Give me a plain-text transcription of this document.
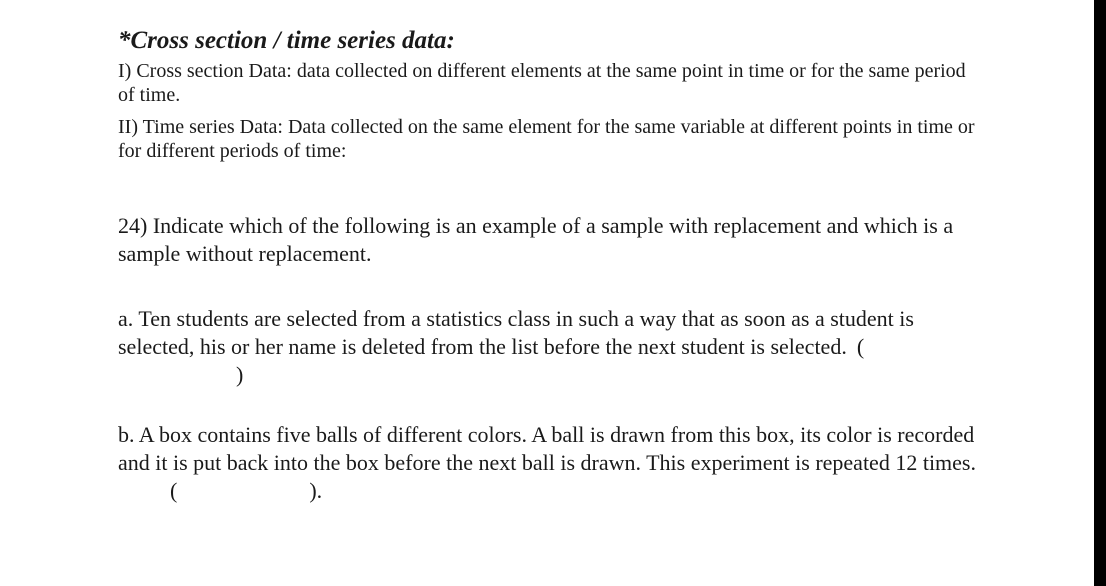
*Cross section / time series data:

I) Cross section Data: data collected on different elements at the same point in time or for the same period of time.

II) Time series Data: Data collected on the same element for the same variable at different points in time or for different periods of time:

24) Indicate which of the following is an example of a sample with replacement and which is a sample without replacement.

a. Ten students are selected from a statistics class in such a way that as soon as a student is selected, his or her name is deleted from the list before the next student is selected. ()

b. A box contains five balls of different colors. A ball is drawn from this box, its color is recorded and it is put back into the box before the next ball is drawn. This experiment is repeated 12 times.(	).
